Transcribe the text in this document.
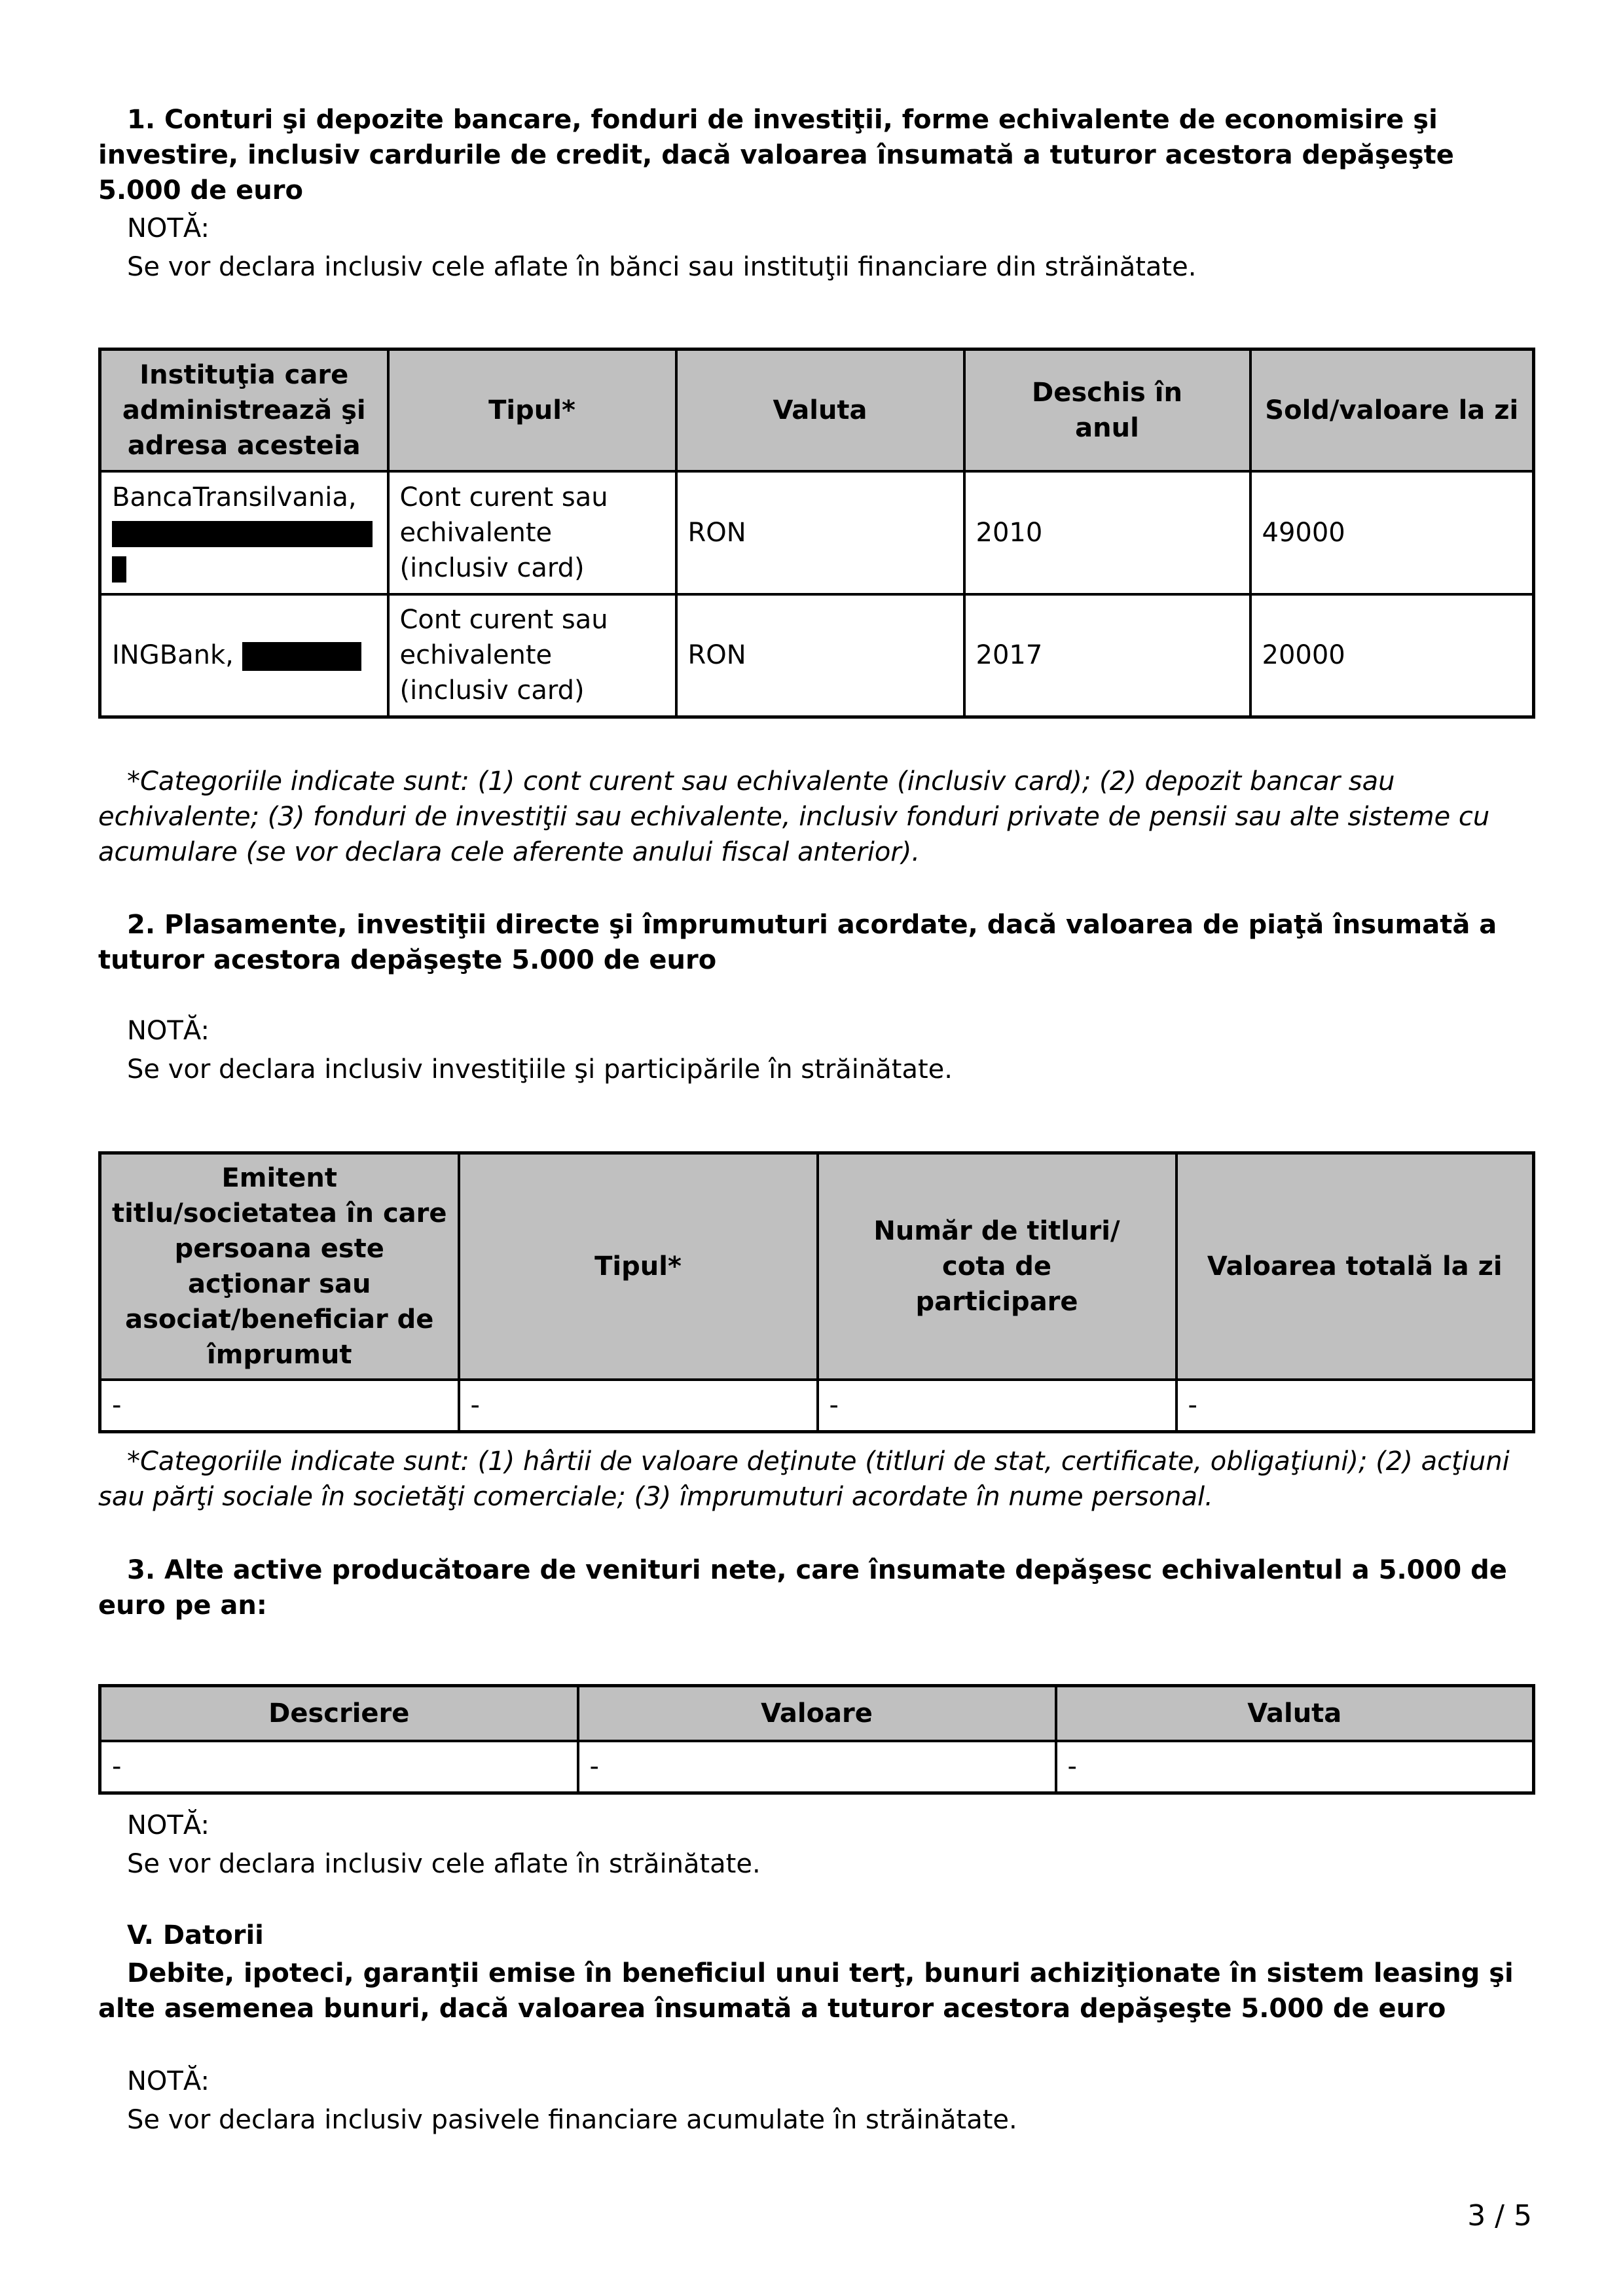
1. Conturi şi depozite bancare, fonduri de investiţii, forme echivalente de economisire şi investire, inclusiv cardurile de credit, dacă valoarea însumată a tuturor acestora depăşeşte 5.000 de euro
NOTĂ:
Se vor declara inclusiv cele aflate în bănci sau instituţii financiare din străinătate.
Instituţia care administrează şi adresa acesteia	Tipul*	Valuta	Deschis în anul	Sold/valoare la zi
BancaTransilvania,	Cont curent sau echivalente (inclusiv card)	RON	2010	49000
INGBank,	Cont curent sau echivalente (inclusiv card)	RON	2017	20000
*Categoriile indicate sunt: (1) cont curent sau echivalente (inclusiv card); (2) depozit bancar sau echivalente; (3) fonduri de investiţii sau echivalente, inclusiv fonduri private de pensii sau alte sisteme cu acumulare (se vor declara cele aferente anului fiscal anterior).
2. Plasamente, investiţii directe şi împrumuturi acordate, dacă valoarea de piaţă însumată a tuturor acestora depăşeşte 5.000 de euro
NOTĂ:
Se vor declara inclusiv investiţiile şi participările în străinătate.
Emitent titlu/societatea în care persoana este acţionar sau asociat/beneficiar de împrumut	Tipul*	Număr de titluri/ cota de participare	Valoarea totală la zi
-	-	-	-
*Categoriile indicate sunt: (1) hârtii de valoare deţinute (titluri de stat, certificate, obligaţiuni); (2) acţiuni sau părţi sociale în societăţi comerciale; (3) împrumuturi acordate în nume personal.
3. Alte active producătoare de venituri nete, care însumate depăşesc echivalentul a 5.000 de euro pe an:
Descriere	Valoare	Valuta
-	-	-
NOTĂ:
Se vor declara inclusiv cele aflate în străinătate.
V. Datorii
Debite, ipoteci, garanţii emise în beneficiul unui terţ, bunuri achiziţionate în sistem leasing şi alte asemenea bunuri, dacă valoarea însumată a tuturor acestora depăşeşte 5.000 de euro
NOTĂ:
Se vor declara inclusiv pasivele financiare acumulate în străinătate.
3 / 5
